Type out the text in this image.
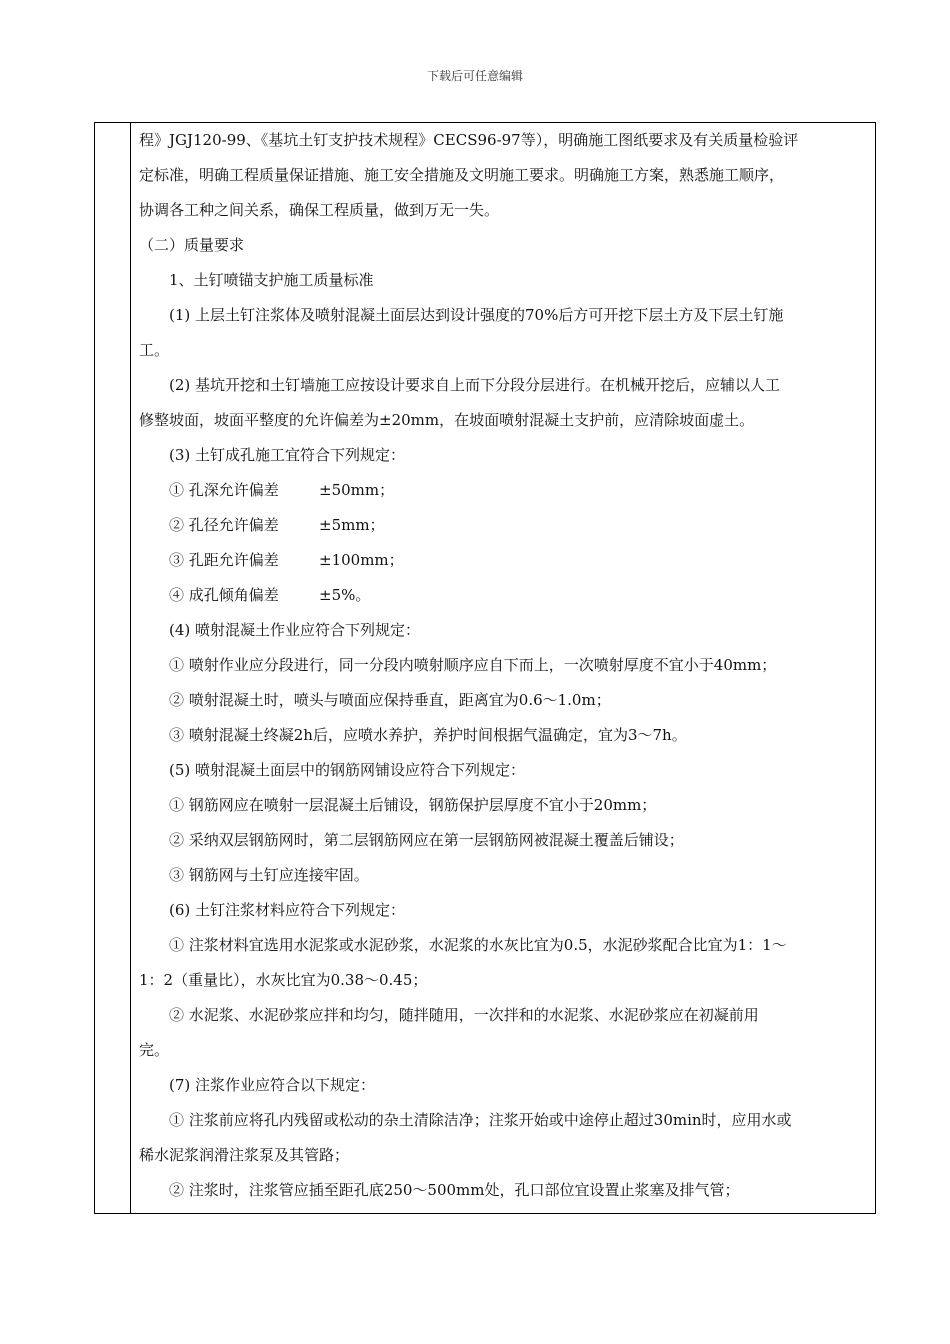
下载后可任意编辑
程》JGJ120-99、《基坑土钉支护技术规程》CECS96-97等），明确施工图纸要求及有关质量检验评
定标准，明确工程质量保证措施、施工安全措施及文明施工要求。明确施工方案，熟悉施工顺序，
协调各工种之间关系，确保工程质量，做到万无一失。
（二）质量要求
1、土钉喷锚支护施工质量标准
(1) 上层土钉注浆体及喷射混凝土面层达到设计强度的70%后方可开挖下层土方及下层土钉施
工。
(2) 基坑开挖和土钉墙施工应按设计要求自上而下分段分层进行。在机械开挖后，应辅以人工
修整坡面，坡面平整度的允许偏差为±20mm，在坡面喷射混凝土支护前，应清除坡面虚土。
(3) 土钉成孔施工宜符合下列规定：
① 孔深允许偏差	±50mm；
② 孔径允许偏差	±5mm；
③ 孔距允许偏差	±100mm；
④ 成孔倾角偏差	±5%。
(4) 喷射混凝土作业应符合下列规定：
① 喷射作业应分段进行，同一分段内喷射顺序应自下而上，一次喷射厚度不宜小于40mm；
② 喷射混凝土时，喷头与喷面应保持垂直，距离宜为0.6～1.0m；
③ 喷射混凝土终凝2h后，应喷水养护，养护时间根据气温确定，宜为3～7h。
(5) 喷射混凝土面层中的钢筋网铺设应符合下列规定：
① 钢筋网应在喷射一层混凝土后铺设，钢筋保护层厚度不宜小于20mm；
② 采纳双层钢筋网时，第二层钢筋网应在第一层钢筋网被混凝土覆盖后铺设；
③ 钢筋网与土钉应连接牢固。
(6) 土钉注浆材料应符合下列规定：
① 注浆材料宜选用水泥浆或水泥砂浆，水泥浆的水灰比宜为0.5，水泥砂浆配合比宜为1：1～
1：2（重量比），水灰比宜为0.38～0.45；
② 水泥浆、水泥砂浆应拌和均匀，随拌随用，一次拌和的水泥浆、水泥砂浆应在初凝前用
完。
(7) 注浆作业应符合以下规定：
① 注浆前应将孔内残留或松动的杂土清除洁净；注浆开始或中途停止超过30min时，应用水或
稀水泥浆润滑注浆泵及其管路；
② 注浆时，注浆管应插至距孔底250～500mm处，孔口部位宜设置止浆塞及排气管；
